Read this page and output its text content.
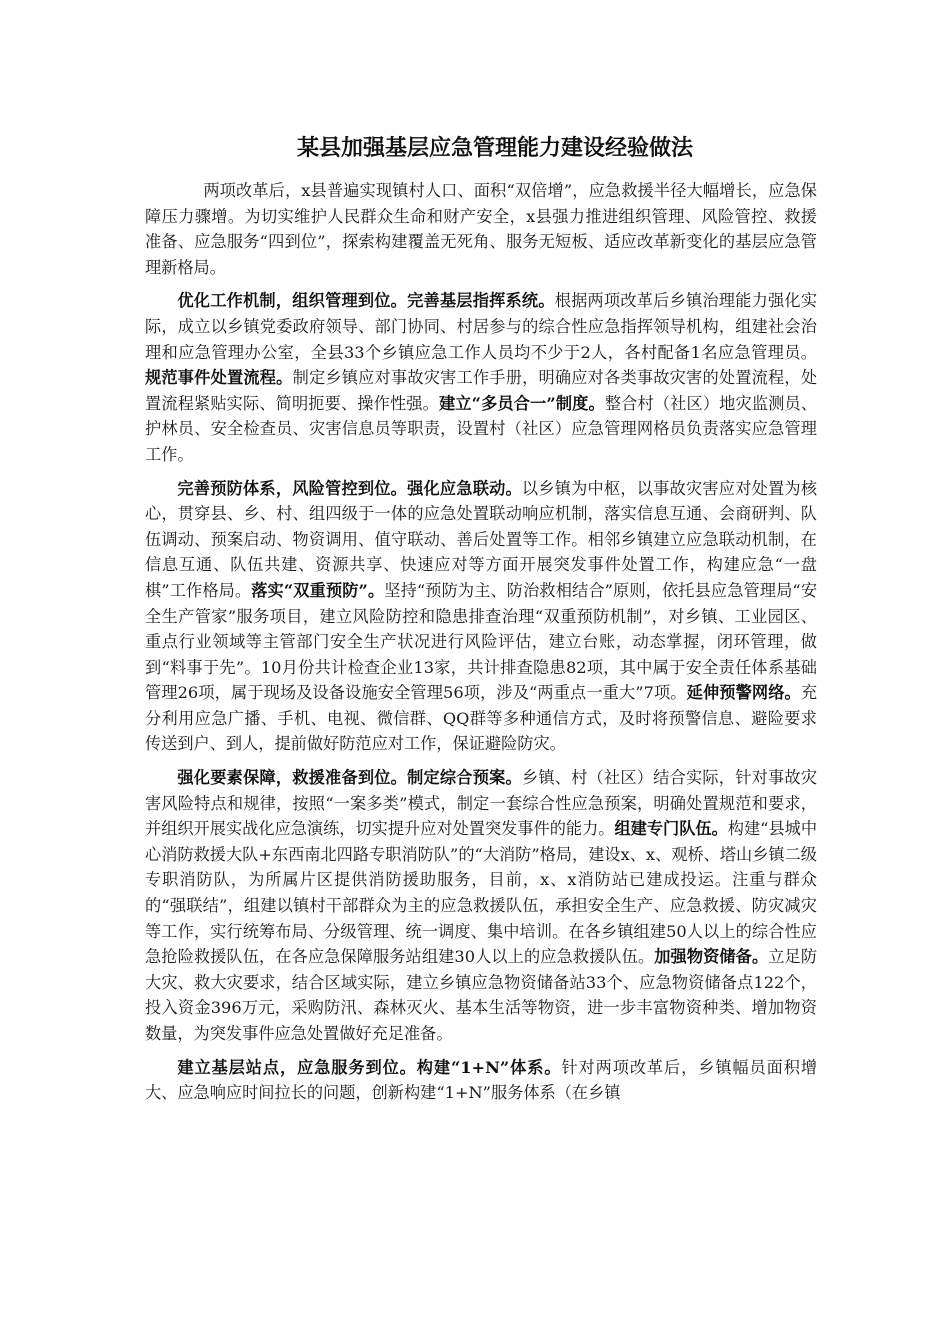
某县加强基层应急管理能力建设经验做法

两项改革后，x县普遍实现镇村人口、面积“双倍增”，应急救援半径大幅增长，应急保障压力骤增。为切实维护人民群众生命和财产安全，x县强力推进组织管理、风险管控、救援准备、应急服务“四到位”，探索构建覆盖无死角、服务无短板、适应改革新变化的基层应急管理新格局。

优化工作机制，组织管理到位。完善基层指挥系统。根据两项改革后乡镇治理能力强化实际，成立以乡镇党委政府领导、部门协同、村居参与的综合性应急指挥领导机构，组建社会治理和应急管理办公室，全县33个乡镇应急工作人员均不少于2人，各村配备1名应急管理员。规范事件处置流程。制定乡镇应对事故灾害工作手册，明确应对各类事故灾害的处置流程，处置流程紧贴实际、简明扼要、操作性强。建立“多员合一”制度。整合村（社区）地灾监测员、护林员、安全检查员、灾害信息员等职责，设置村（社区）应急管理网格员负责落实应急管理工作。

完善预防体系，风险管控到位。强化应急联动。以乡镇为中枢，以事故灾害应对处置为核心，贯穿县、乡、村、组四级于一体的应急处置联动响应机制，落实信息互通、会商研判、队伍调动、预案启动、物资调用、值守联动、善后处置等工作。相邻乡镇建立应急联动机制，在信息互通、队伍共建、资源共享、快速应对等方面开展突发事件处置工作，构建应急“一盘棋”工作格局。落实“双重预防”。坚持“预防为主、防治救相结合”原则，依托县应急管理局“安全生产管家”服务项目，建立风险防控和隐患排查治理“双重预防机制”，对乡镇、工业园区、重点行业领域等主管部门安全生产状况进行风险评估，建立台账，动态掌握，闭环管理，做到“料事于先”。10月份共计检查企业13家，共计排查隐患82项，其中属于安全责任体系基础管理26项，属于现场及设备设施安全管理56项，涉及“两重点一重大”7项。延伸预警网络。充分利用应急广播、手机、电视、微信群、QQ群等多种通信方式，及时将预警信息、避险要求传送到户、到人，提前做好防范应对工作，保证避险防灾。

强化要素保障，救援准备到位。制定综合预案。乡镇、村（社区）结合实际，针对事故灾害风险特点和规律，按照“一案多类”模式，制定一套综合性应急预案，明确处置规范和要求，并组织开展实战化应急演练，切实提升应对处置突发事件的能力。组建专门队伍。构建“县城中心消防救援大队+东西南北四路专职消防队”的“大消防”格局，建设x、x、观桥、塔山乡镇二级专职消防队，为所属片区提供消防援助服务，目前，x、x消防站已建成投运。注重与群众的“强联结”，组建以镇村干部群众为主的应急救援队伍，承担安全生产、应急救援、防灾减灾等工作，实行统筹布局、分级管理、统一调度、集中培训。在各乡镇组建50人以上的综合性应急抢险救援队伍，在各应急保障服务站组建30人以上的应急救援队伍。加强物资储备。立足防大灾、救大灾要求，结合区域实际，建立乡镇应急物资储备站33个、应急物资储备点122个，投入资金396万元，采购防汛、森林灭火、基本生活等物资，进一步丰富物资种类、增加物资数量，为突发事件应急处置做好充足准备。

建立基层站点，应急服务到位。构建“1+N”体系。针对两项改革后，乡镇幅员面积增大、应急响应时间拉长的问题，创新构建“1+N”服务体系（在乡镇
